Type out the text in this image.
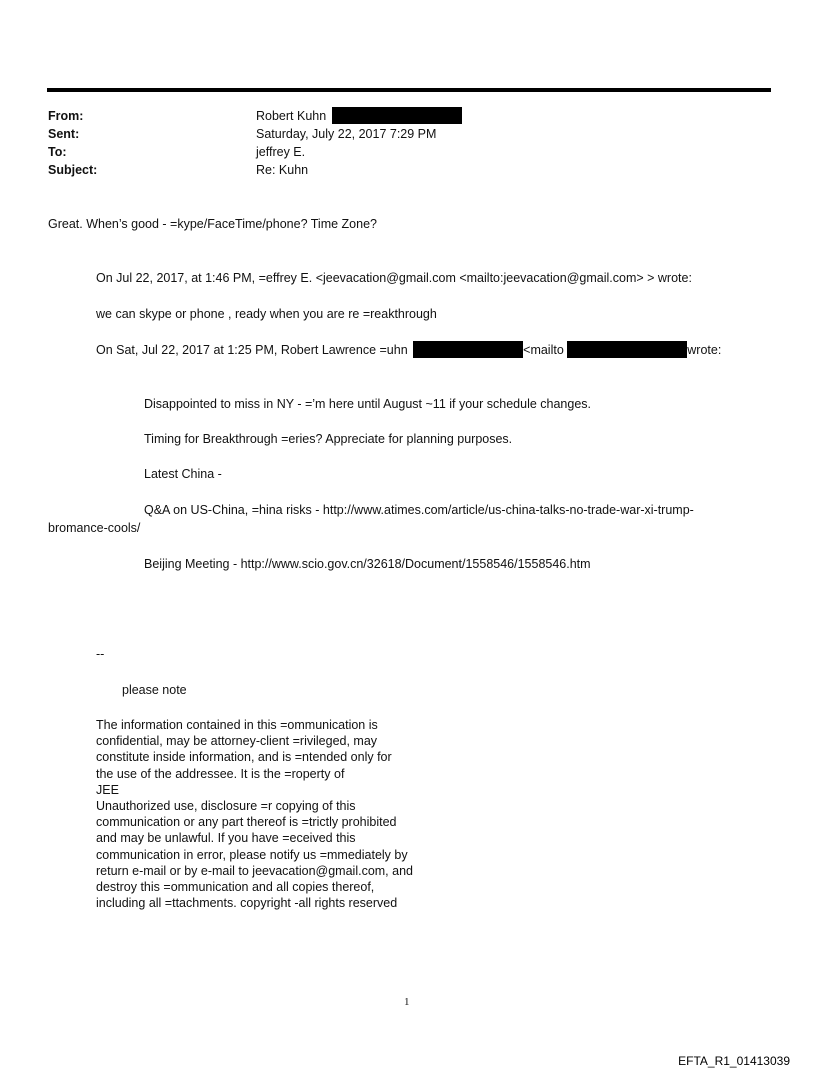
From:	Robert Kuhn
Sent:	Saturday, July 22, 2017 7:29 PM
To:	jeffrey E.
Subject:	Re: Kuhn
Great. When’s good - =kype/FaceTime/phone? Time Zone?
On Jul 22, 2017, at 1:46 PM, =effrey E. <jeevacation@gmail.com <mailto:jeevacation@gmail.com> > wrote:
we can skype or phone , ready when you are re =reakthrough
On Sat, Jul 22, 2017 at 1:25 PM, Robert Lawrence =uhn	<mailto	wrote:
Disappointed to miss in NY - =’m here until August ~11 if your schedule changes.
Timing for Breakthrough =eries? Appreciate for planning purposes.
Latest China -
Q&A on US-China, =hina risks - http://www.atimes.com/article/us-china-talks-no-trade-war-xi-trump-
bromance-cools/
Beijing Meeting - http://www.scio.gov.cn/32618/Document/1558546/1558546.htm
--
please note
The information contained in this =ommunication is
confidential, may be attorney-client =rivileged, may
constitute inside information, and is =ntended only for
the use of the addressee. It is the =roperty of
JEE
Unauthorized use, disclosure =r copying of this
communication or any part thereof is =trictly prohibited
and may be unlawful. If you have =eceived this
communication in error, please notify us =mmediately by
return e-mail or by e-mail to jeevacation@gmail.com, and
destroy this =ommunication and all copies thereof,
including all =ttachments. copyright -all rights reserved
1
EFTA_R1_01413039
